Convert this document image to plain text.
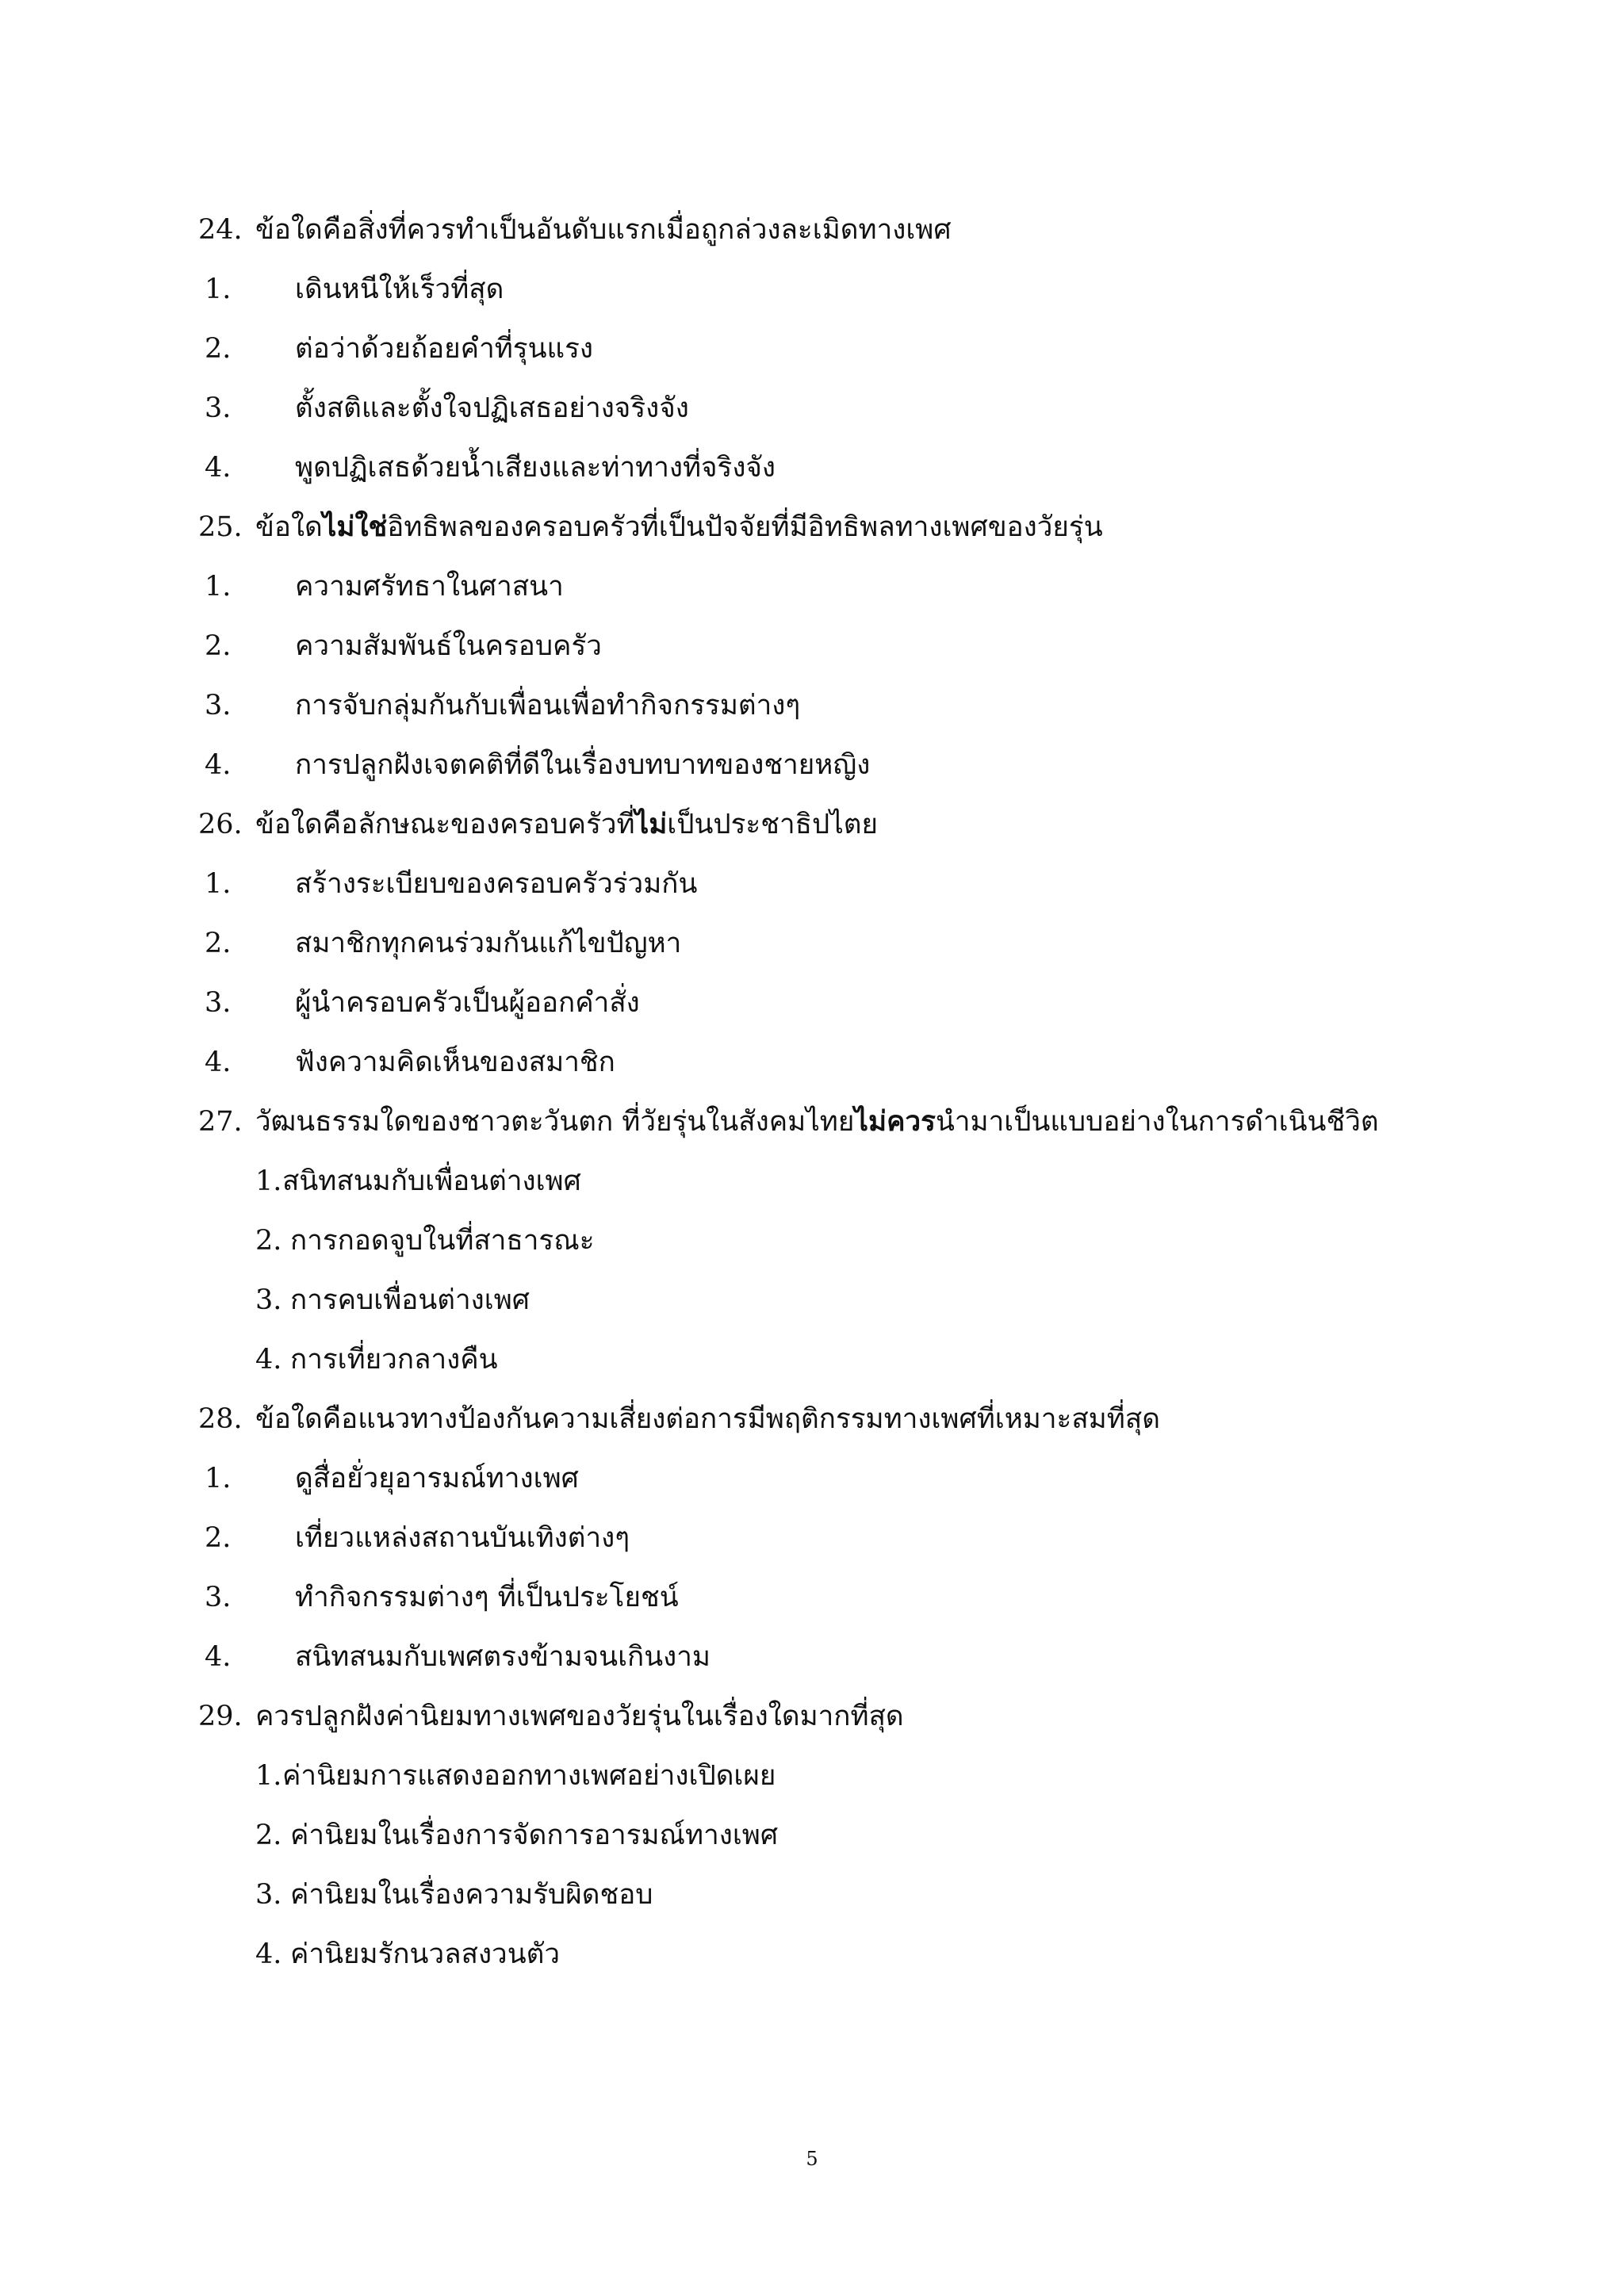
24. ข้อใดคือสิ่งที่ควรทำเป็นอันดับแรกเมื่อถูกล่วงละเมิดทางเพศ
1. เดินหนีให้เร็วที่สุด
2. ต่อว่าด้วยถ้อยคำที่รุนแรง
3. ตั้งสติและตั้งใจปฏิเสธอย่างจริงจัง
4. พูดปฏิเสธด้วยน้ำเสียงและท่าทางที่จริงจัง
25. ข้อใดไม่ใช่อิทธิพลของครอบครัวที่เป็นปัจจัยที่มีอิทธิพลทางเพศของวัยรุ่น
1. ความศรัทธาในศาสนา
2. ความสัมพันธ์ในครอบครัว
3. การจับกลุ่มกันกับเพื่อนเพื่อทำกิจกรรมต่างๆ
4. การปลูกฝังเจตคติที่ดีในเรื่องบทบาทของชายหญิง
26. ข้อใดคือลักษณะของครอบครัวที่ไม่เป็นประชาธิปไตย
1. สร้างระเบียบของครอบครัวร่วมกัน
2. สมาชิกทุกคนร่วมกันแก้ไขปัญหา
3. ผู้นำครอบครัวเป็นผู้ออกคำสั่ง
4. ฟังความคิดเห็นของสมาชิก
27. วัฒนธรรมใดของชาวตะวันตก ที่วัยรุ่นในสังคมไทยไม่ควรนำมาเป็นแบบอย่างในการดำเนินชีวิต
1. สนิทสนมกับเพื่อนต่างเพศ
2. การกอดจูบในที่สาธารณะ
3. การคบเพื่อนต่างเพศ
4. การเที่ยวกลางคืน
28. ข้อใดคือแนวทางป้องกันความเสี่ยงต่อการมีพฤติกรรมทางเพศที่เหมาะสมที่สุด
1. ดูสื่อยั่วยุอารมณ์ทางเพศ
2. เที่ยวแหล่งสถานบันเทิงต่างๆ
3. ทำกิจกรรมต่างๆ ที่เป็นประโยชน์
4. สนิทสนมกับเพศตรงข้ามจนเกินงาม
29. ควรปลูกฝังค่านิยมทางเพศของวัยรุ่นในเรื่องใดมากที่สุด
1. ค่านิยมการแสดงออกทางเพศอย่างเปิดเผย
2. ค่านิยมในเรื่องการจัดการอารมณ์ทางเพศ
3. ค่านิยมในเรื่องความรับผิดชอบ
4. ค่านิยมรักนวลสงวนตัว
5
